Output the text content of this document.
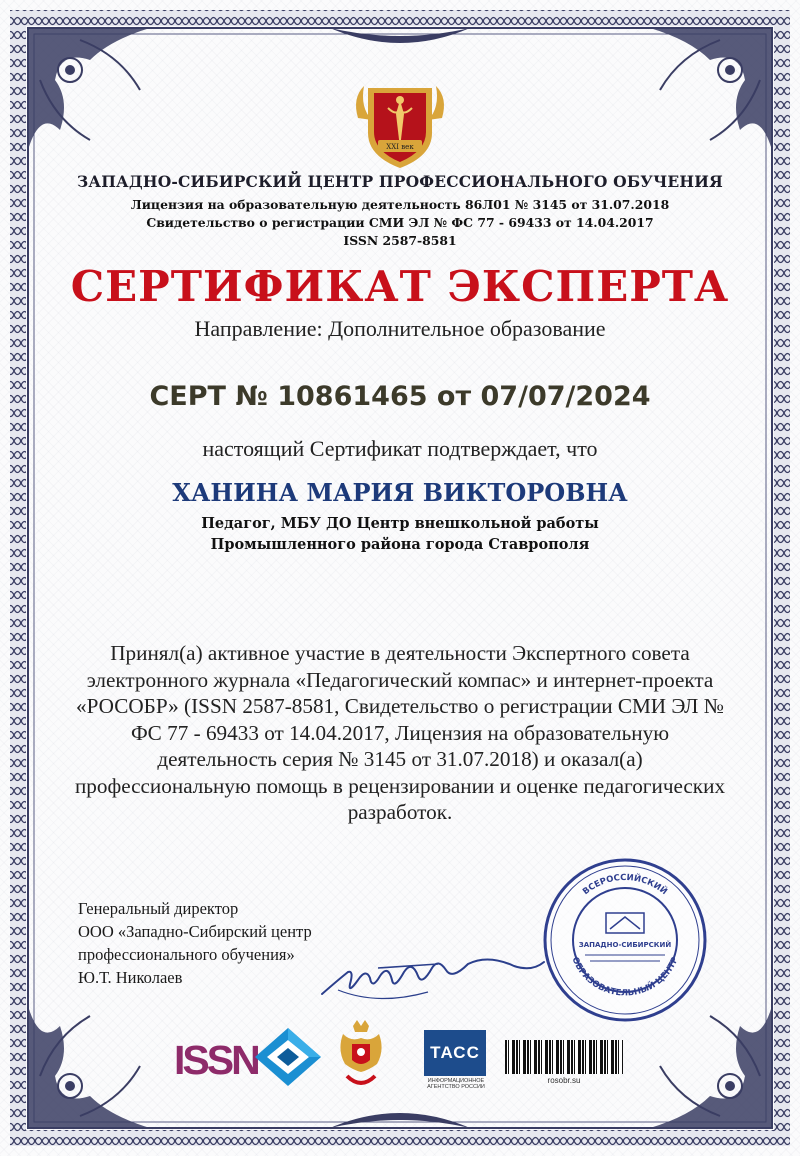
XXI век
ЗАПАДНО-СИБИРСКИЙ ЦЕНТР ПРОФЕССИОНАЛЬНОГО ОБУЧЕНИЯ
Лицензия на образовательную деятельность 86Л01 № 3145 от 31.07.2018
Свидетельство о регистрации СМИ ЭЛ № ФС 77 - 69433 от 14.04.2017
ISSN 2587-8581
СЕРТИФИКАТ ЭКСПЕРТА
Направление: Дополнительное образование
СЕРТ № 10861465 от 07/07/2024
настоящий Сертификат подтверждает, что
ХАНИНА МАРИЯ ВИКТОРОВНА
Педагог, МБУ ДО Центр внешкольной работы
Промышленного района города Ставрополя
Принял(а) активное участие в деятельности Экспертного совета электронного журнала «Педагогический компас» и интернет-проекта «РОСОБР» (ISSN 2587-8581, Свидетельство о регистрации СМИ ЭЛ № ФС 77 - 69433 от 14.04.2017, Лицензия на образовательную деятельность серия № 3145 от 31.07.2018) и оказал(а) профессиональную помощь в рецензировании и оценке педагогических разработок.
Генеральный директор
ООО «Западно-Сибирский центр
профессионального обучения»
Ю.Т. Николаев
ВСЕРОССИЙСКИЙ
ОБРАЗОВАТЕЛЬНЫЙ ЦЕНТР
ЗАПАДНО-СИБИРСКИЙ
ISSN	ТАСС
ИНФОРМАЦИОННОЕ АГЕНТСТВО РОССИИ
rosobr.su
